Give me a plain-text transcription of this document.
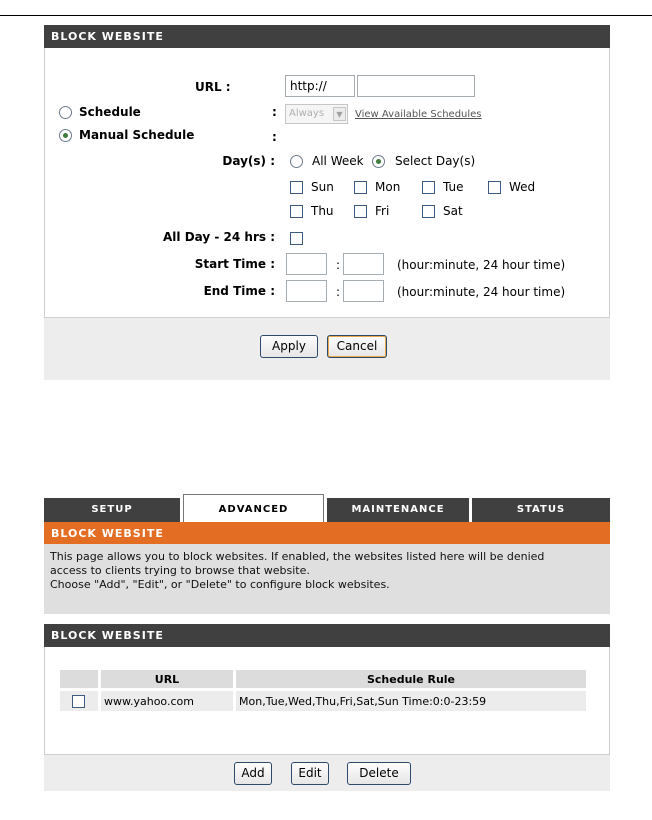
BLOCK WEBSITE
URL :	http://
Schedule	:	Always	▼	View Available Schedules
Manual Schedule	:
Day(s) :	All Week	Select Day(s)
Sun	Mon	Tue	Wed
Thu	Fri	Sat
All Day - 24 hrs :
Start Time :	:	(hour:minute, 24 hour time)
End Time :	:	(hour:minute, 24 hour time)
Apply	Cancel
SETUP	ADVANCED	MAINTENANCE	STATUS
BLOCK WEBSITE
This page allows you to block websites. If enabled, the websites listed here will be denied
access to clients trying to browse that website.
Choose "Add", "Edit", or "Delete" to configure block websites.
BLOCK WEBSITE
	URL	Schedule Rule

	www.yahoo.com	Mon,Tue,Wed,Thu,Fri,Sat,Sun Time:0:0-23:59
Add	Edit	Delete
